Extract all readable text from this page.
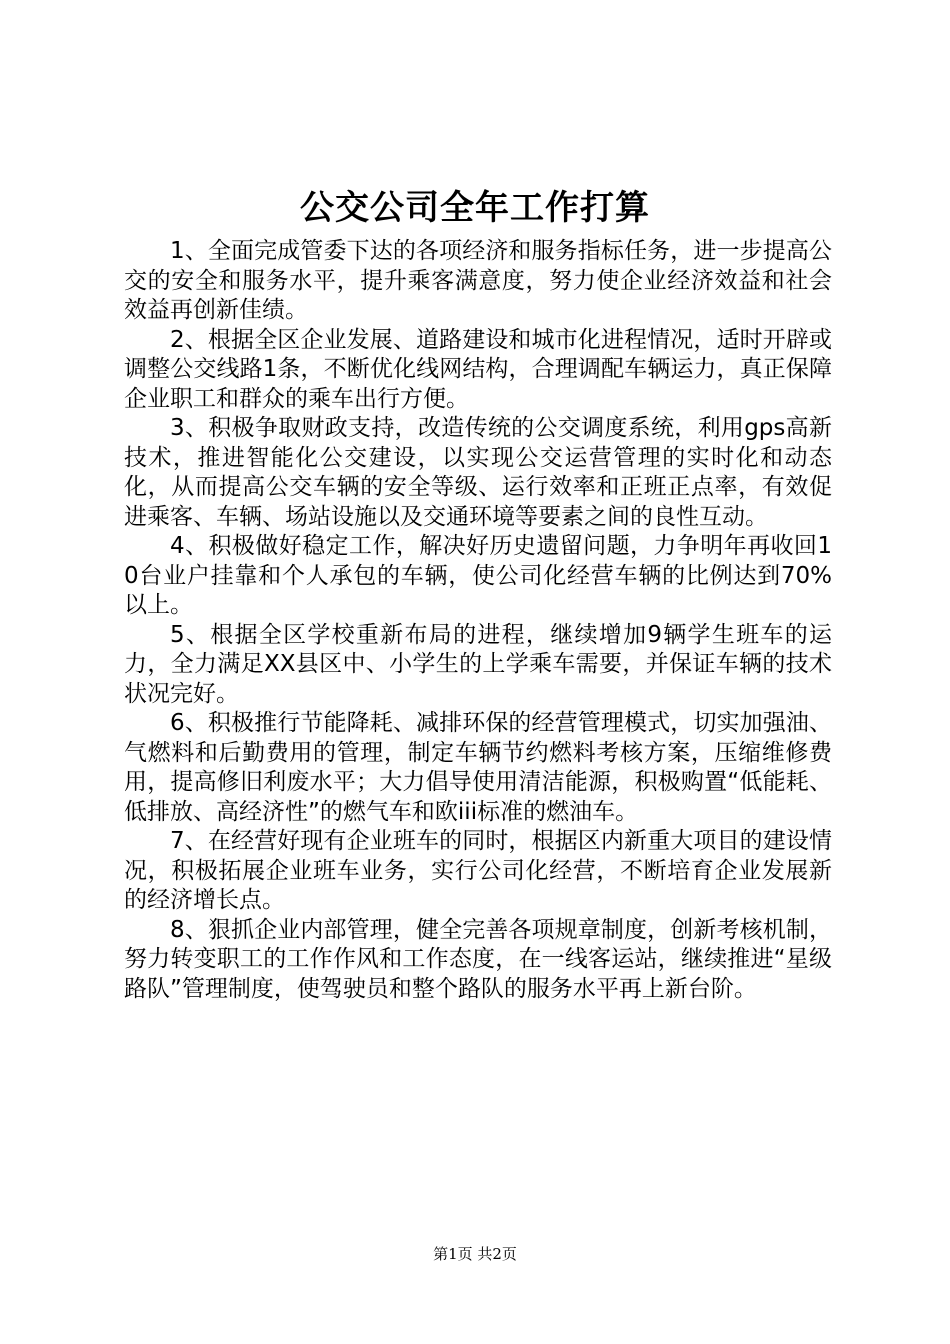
公交公司全年工作打算

1、全面完成管委下达的各项经济和服务指标任务，进一步提高公交的安全和服务水平，提升乘客满意度，努力使企业经济效益和社会效益再创新佳绩。

2、根据全区企业发展、道路建设和城市化进程情况，适时开辟或调整公交线路1条，不断优化线网结构，合理调配车辆运力，真正保障企业职工和群众的乘车出行方便。

3、积极争取财政支持，改造传统的公交调度系统，利用gps高新技术，推进智能化公交建设，以实现公交运营管理的实时化和动态化，从而提高公交车辆的安全等级、运行效率和正班正点率，有效促进乘客、车辆、场站设施以及交通环境等要素之间的良性互动。

4、积极做好稳定工作，解决好历史遗留问题，力争明年再收回10台业户挂靠和个人承包的车辆，使公司化经营车辆的比例达到70%以上。

5、根据全区学校重新布局的进程，继续增加9辆学生班车的运力，全力满足XX县区中、小学生的上学乘车需要，并保证车辆的技术状况完好。

6、积极推行节能降耗、减排环保的经营管理模式，切实加强油、气燃料和后勤费用的管理，制定车辆节约燃料考核方案，压缩维修费用，提高修旧利废水平；大力倡导使用清洁能源，积极购置“低能耗、低排放、高经济性”的燃气车和欧iii标准的燃油车。

7、在经营好现有企业班车的同时，根据区内新重大项目的建设情况，积极拓展企业班车业务，实行公司化经营，不断培育企业发展新的经济增长点。

8、狠抓企业内部管理，健全完善各项规章制度，创新考核机制，努力转变职工的工作作风和工作态度，在一线客运站，继续推进“星级路队”管理制度，使驾驶员和整个路队的服务水平再上新台阶。

第1页 共2页
